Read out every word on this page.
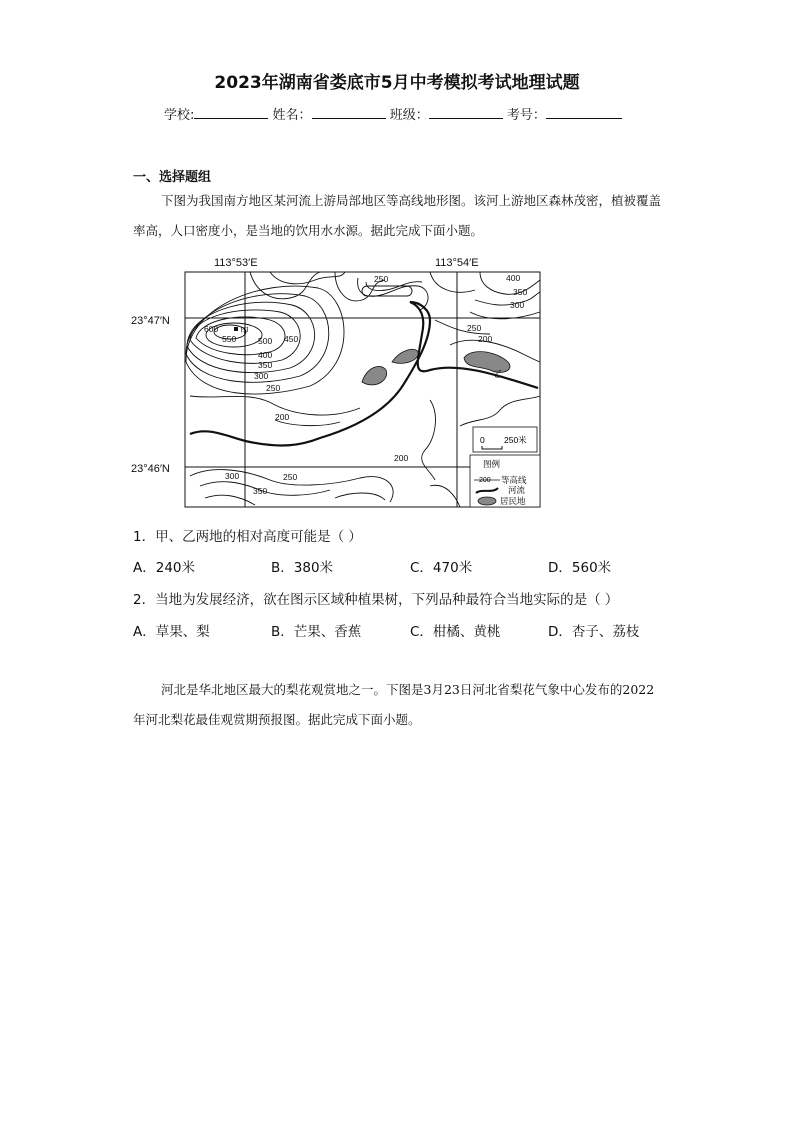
2023年湖南省娄底市5月中考模拟考试地理试题
学校:	姓名：	班级：	考号：
一、选择题组
下图为我国南方地区某河流上游局部地区等高线地形图。该河上游地区森林茂密，植被覆盖率高，人口密度小，是当地的饮用水水源。据此完成下面小题。
113°53′E	113°54′E
23°47′N
23°46′N
250	400
350
300
600
550	500 450
400
350
300
250
250
200
200
200
300	250
350
甲
乙
0 250米
图例
200 等高线
河流
居民地
1．甲、乙两地的相对高度可能是（ ）
A．240米	B．380米	C．470米	D．560米
2．当地为发展经济，欲在图示区域种植果树，下列品种最符合当地实际的是（ ）
A．草果、梨	B．芒果、香蕉	C．柑橘、黄桃	D．杏子、荔枝
河北是华北地区最大的梨花观赏地之一。下图是3月23日河北省梨花气象中心发布的2022年河北梨花最佳观赏期预报图。据此完成下面小题。
